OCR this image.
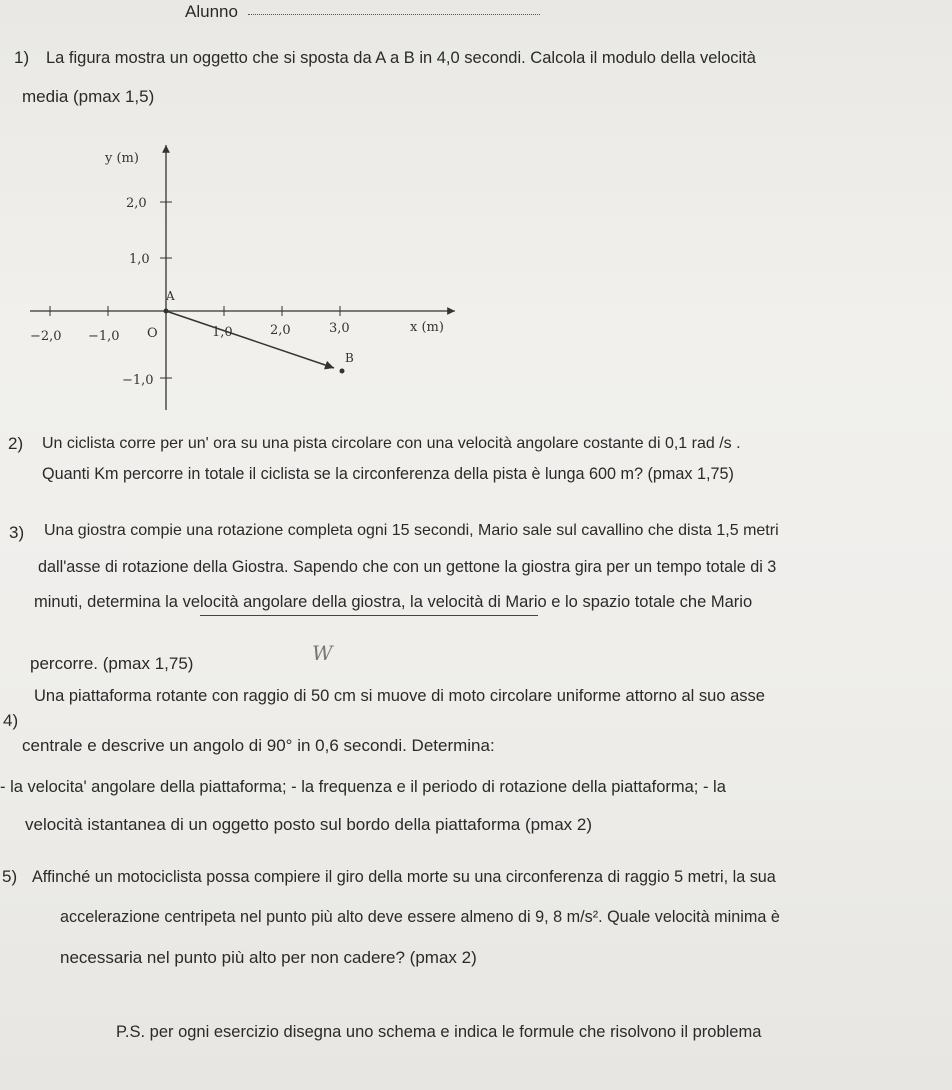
Alunno
1) La figura mostra un oggetto che si sposta da A a B in 4,0 secondi. Calcola il modulo della velocità
media (pmax 1,5)
y (m)
2,0
1,0
−1,0
−2,0 −1,0 O	1,0	2,0	3,0	x (m)
A
B
2) Un ciclista corre per un' ora su una pista circolare con una velocità angolare costante di 0,1 rad /s .
Quanti Km percorre in totale il ciclista se la circonferenza della pista è lunga 600 m? (pmax 1,75)
3) Una giostra compie una rotazione completa ogni 15 secondi, Mario sale sul cavallino che dista 1,5 metri
dall'asse di rotazione della Giostra. Sapendo che con un gettone la giostra gira per un tempo totale di 3
minuti, determina la velocità angolare della giostra, la velocità di Mario e lo spazio totale che Mario
percorre. (pmax 1,75)	W
4)
Una piattaforma rotante con raggio di 50 cm si muove di moto circolare uniforme attorno al suo asse
centrale e descrive un angolo di 90° in 0,6 secondi. Determina:
- la velocita' angolare della piattaforma; - la frequenza e il periodo di rotazione della piattaforma; - la
velocità istantanea di un oggetto posto sul bordo della piattaforma (pmax 2)
5) Affinché un motociclista possa compiere il giro della morte su una circonferenza di raggio 5 metri, la sua
accelerazione centripeta nel punto più alto deve essere almeno di 9, 8 m/s². Quale velocità minima è
necessaria nel punto più alto per non cadere? (pmax 2)
P.S. per ogni esercizio disegna uno schema e indica le formule che risolvono il problema
